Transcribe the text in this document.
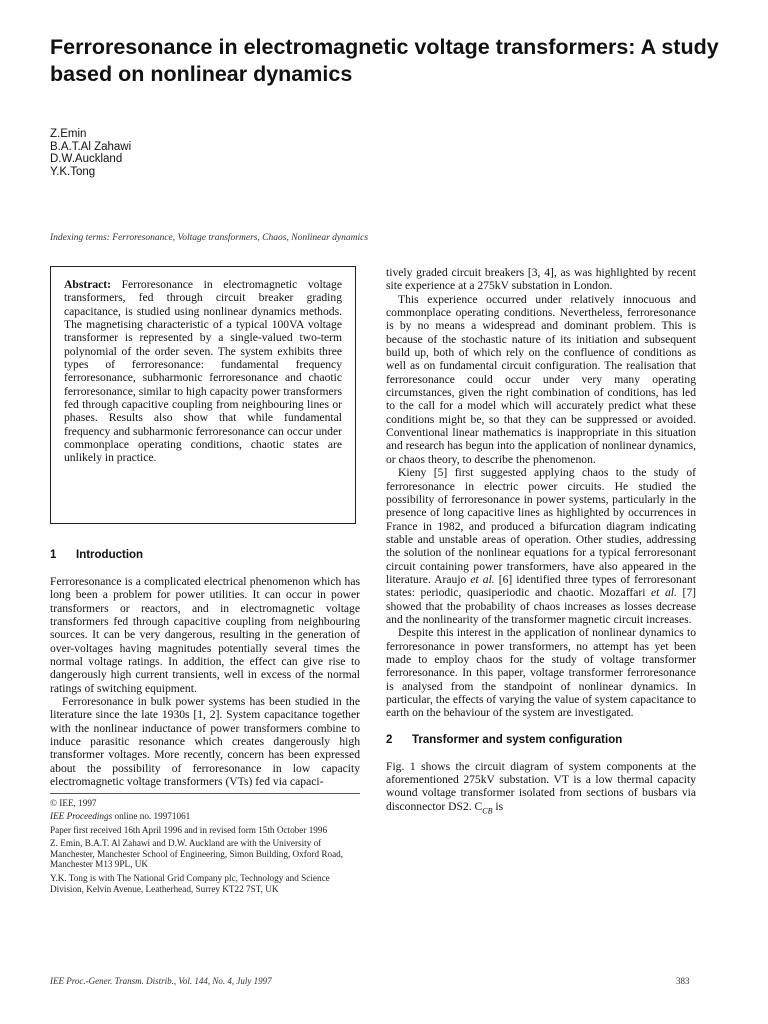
Ferroresonance in electromagnetic voltage transformers: A study based on nonlinear dynamics
Z.Emin
B.A.T.Al Zahawi
D.W.Auckland
Y.K.Tong
Indexing terms: Ferroresonance, Voltage transformers, Chaos, Nonlinear dynamics
Abstract: Ferroresonance in electromagnetic voltage transformers, fed through circuit breaker grading capacitance, is studied using nonlinear dynamics methods. The magnetising characteristic of a typical 100VA voltage transformer is represented by a single-valued two-term polynomial of the order seven. The system exhibits three types of ferroresonance: fundamental frequency ferroresonance, subharmonic ferroresonance and chaotic ferroresonance, similar to high capacity power transformers fed through capacitive coupling from neighbouring lines or phases. Results also show that while fundamental frequency and subharmonic ferroresonance can occur under commonplace operating conditions, chaotic states are unlikely in practice.
1 Introduction

Ferroresonance is a complicated electrical phenomenon which has long been a problem for power utilities. It can occur in power transformers or reactors, and in electromagnetic voltage transformers fed through capacitive coupling from neighbouring sources. It can be very dangerous, resulting in the generation of over-voltages having magnitudes potentially several times the normal voltage ratings. In addition, the effect can give rise to dangerously high current transients, well in excess of the normal ratings of switching equipment.

Ferroresonance in bulk power systems has been studied in the literature since the late 1930s [1, 2]. System capacitance together with the nonlinear inductance of power transformers combine to induce parasitic resonance which creates dangerously high transformer voltages. More recently, concern has been expressed about the possibility of ferroresonance in low capacity electromagnetic voltage transformers (VTs) fed via capaci-

© IEE, 1997

IEE Proceedings online no. 19971061

Paper first received 16th April 1996 and in revised form 15th October 1996

Z. Emin, B.A.T. Al Zahawi and D.W. Auckland are with the University of Manchester, Manchester School of Engineering, Simon Building, Oxford Road, Manchester M13 9PL, UK

Y.K. Tong is with The National Grid Company plc, Technology and Science Division, Kelvin Avenue, Leatherhead, Surrey KT22 7ST, UK

tively graded circuit breakers [3, 4], as was highlighted by recent site experience at a 275kV substation in London.

This experience occurred under relatively innocuous and commonplace operating conditions. Nevertheless, ferroresonance is by no means a widespread and dominant problem. This is because of the stochastic nature of its initiation and subsequent build up, both of which rely on the confluence of conditions as well as on fundamental circuit configuration. The realisation that ferroresonance could occur under very many operating circumstances, given the right combination of conditions, has led to the call for a model which will accurately predict what these conditions might be, so that they can be suppressed or avoided. Conventional linear mathematics is inappropriate in this situation and research has begun into the application of nonlinear dynamics, or chaos theory, to describe the phenomenon.

Kieny [5] first suggested applying chaos to the study of ferroresonance in electric power circuits. He studied the possibility of ferroresonance in power systems, particularly in the presence of long capacitive lines as highlighted by occurrences in France in 1982, and produced a bifurcation diagram indicating stable and unstable areas of operation. Other studies, addressing the solution of the nonlinear equations for a typical ferroresonant circuit containing power transformers, have also appeared in the literature. Araujo et al. [6] identified three types of ferroresonant states: periodic, quasiperiodic and chaotic. Mozaffari et al. [7] showed that the probability of chaos increases as losses decrease and the nonlinearity of the transformer magnetic circuit increases.

Despite this interest in the application of nonlinear dynamics to ferroresonance in power transformers, no attempt has yet been made to employ chaos for the study of voltage transformer ferroresonance. In this paper, voltage transformer ferroresonance is analysed from the standpoint of nonlinear dynamics. In particular, the effects of varying the value of system capacitance to earth on the behaviour of the system are investigated.

2 Transformer and system configuration

Fig. 1 shows the circuit diagram of system components at the aforementioned 275kV substation. VT is a low thermal capacity wound voltage transformer isolated from sections of busbars via disconnector DS2. $C_{CB}$ is

IEE Proc.-Gener. Transm. Distrib., Vol. 144, No. 4, July 1997	383
